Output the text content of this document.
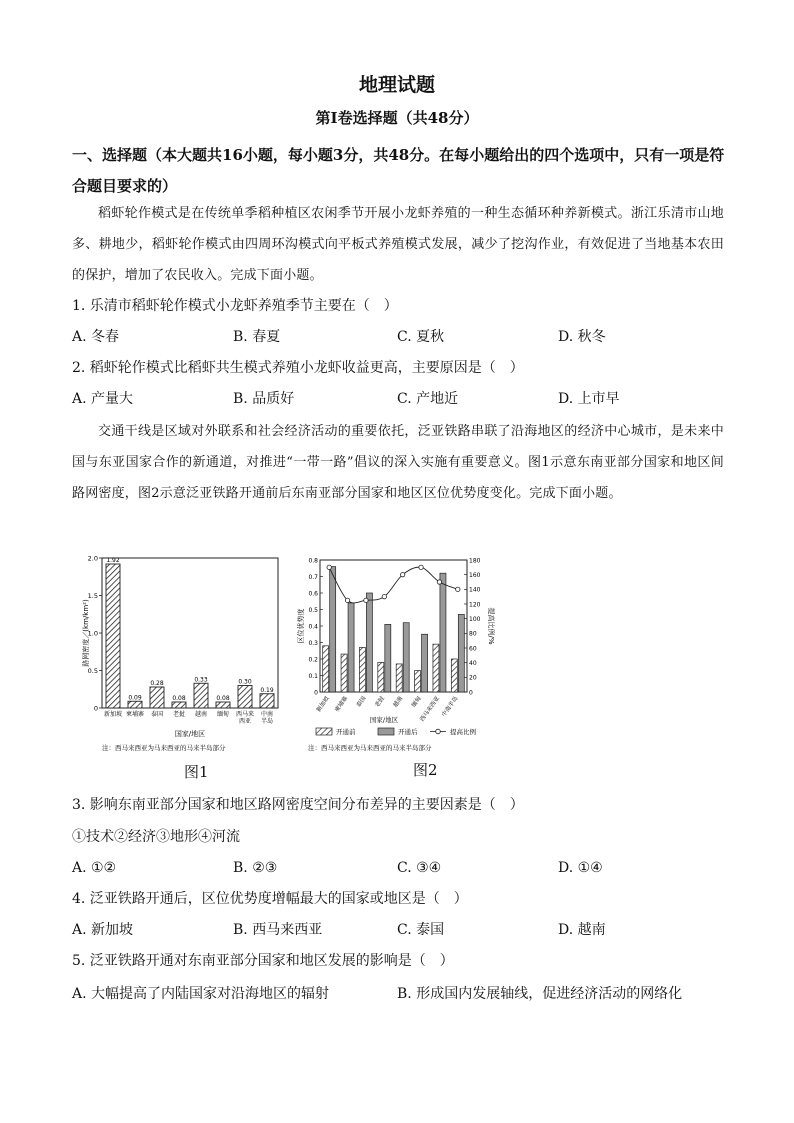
地理试题
第Ⅰ卷选择题（共48分）
一、选择题（本大题共16小题，每小题3分，共48分。在每小题给出的四个选项中，只有一项是符合题目要求的）
稻虾轮作模式是在传统单季稻种植区农闲季节开展小龙虾养殖的一种生态循环种养新模式。浙江乐清市山地多、耕地少，稻虾轮作模式由四周环沟模式向平板式养殖模式发展，减少了挖沟作业，有效促进了当地基本农田的保护，增加了农民收入。完成下面小题。
1. 乐清市稻虾轮作模式小龙虾养殖季节主要在（　）
A. 冬春	B. 春夏	C. 夏秋	D. 秋冬
2. 稻虾轮作模式比稻虾共生模式养殖小龙虾收益更高，主要原因是（　）
A. 产量大	B. 品质好	C. 产地近	D. 上市早
交通干线是区域对外联系和社会经济活动的重要依托，泛亚铁路串联了沿海地区的经济中心城市，是未来中国与东亚国家合作的新通道，对推进“一带一路”倡议的深入实施有重要意义。图1示意东南亚部分国家和地区间路网密度，图2示意泛亚铁路开通前后东南亚部分国家和地区区位优势度变化。完成下面小题。
0
0.5
1.0
1.5
2.0 1.92
0.09
0.28
0.08
0.33
0.08
0.30
0.19
新加坡 柬埔寨 泰国 老挝 越南 缅甸 西马来西亚
中南半岛
路网密度／(km/km²)
国家/地区
注：西马来西亚为马来西亚的马来半岛部分
图1
0
0.1
0.2
0.3
0.4
0.5
0.6
0.7
0.8
0
20
40
60
80
100
120
140
160
180
新加坡 柬埔寨 泰国 老挝 越南 缅甸
西马来西亚 中南半岛
区位优势度	提高比例/%
国家/地区
开通前	开通后	提高比例
注：西马来西亚为马来西亚的马来半岛部分
图2
3. 影响东南亚部分国家和地区路网密度空间分布差异的主要因素是（　）
①技术②经济③地形④河流
A. ①②	B. ②③	C. ③④	D. ①④
4. 泛亚铁路开通后，区位优势度增幅最大的国家或地区是（　）
A. 新加坡	B. 西马来西亚	C. 泰国	D. 越南
5. 泛亚铁路开通对东南亚部分国家和地区发展的影响是（　）
A. 大幅提高了内陆国家对沿海地区的辐射	B. 形成国内发展轴线，促进经济活动的网络化
